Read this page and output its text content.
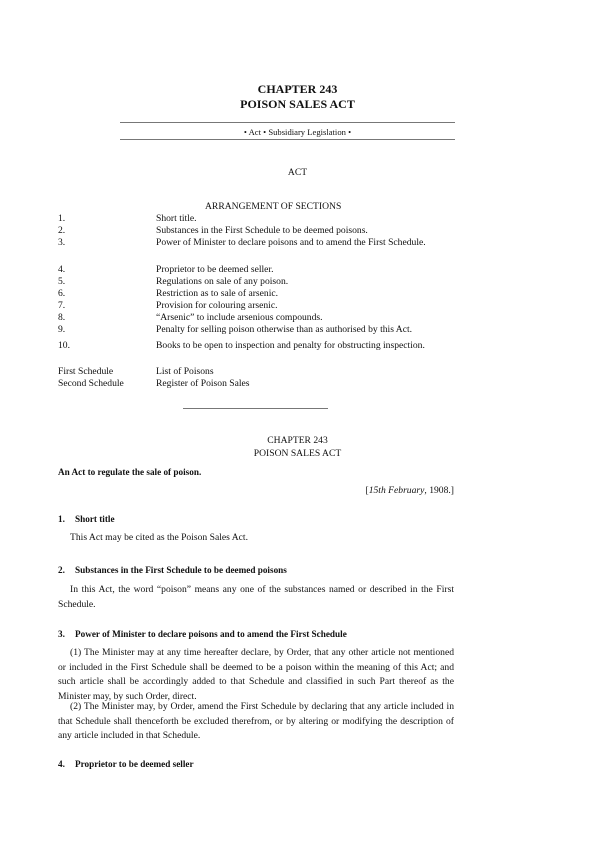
CHAPTER 243
POISON SALES ACT
• Act • Subsidiary Legislation •
ACT
ARRANGEMENT OF SECTIONS
1.	Short title.
2.	Substances in the First Schedule to be deemed poisons.
3.	Power of Minister to declare poisons and to amend the First Schedule.
4.	Proprietor to be deemed seller.
5.	Regulations on sale of any poison.
6.	Restriction as to sale of arsenic.
7.	Provision for colouring arsenic.
8.	“Arsenic” to include arsenious compounds.
9.	Penalty for selling poison otherwise than as authorised by this Act.
10.	Books to be open to inspection and penalty for obstructing inspection.
First Schedule	List of Poisons
Second Schedule	Register of Poison Sales
CHAPTER 243
POISON SALES ACT
An Act to regulate the sale of poison.
[15th February, 1908.]
1. Short title
This Act may be cited as the Poison Sales Act.
2. Substances in the First Schedule to be deemed poisons
In this Act, the word “poison” means any one of the substances named or described in the First Schedule.
3. Power of Minister to declare poisons and to amend the First Schedule
(1) The Minister may at any time hereafter declare, by Order, that any other article not mentioned or included in the First Schedule shall be deemed to be a poison within the meaning of this Act; and such article shall be accordingly added to that Schedule and classified in such Part thereof as the Minister may, by such Order, direct.
(2) The Minister may, by Order, amend the First Schedule by declaring that any article included in that Schedule shall thenceforth be excluded therefrom, or by altering or modifying the description of any article included in that Schedule.
4. Proprietor to be deemed seller
